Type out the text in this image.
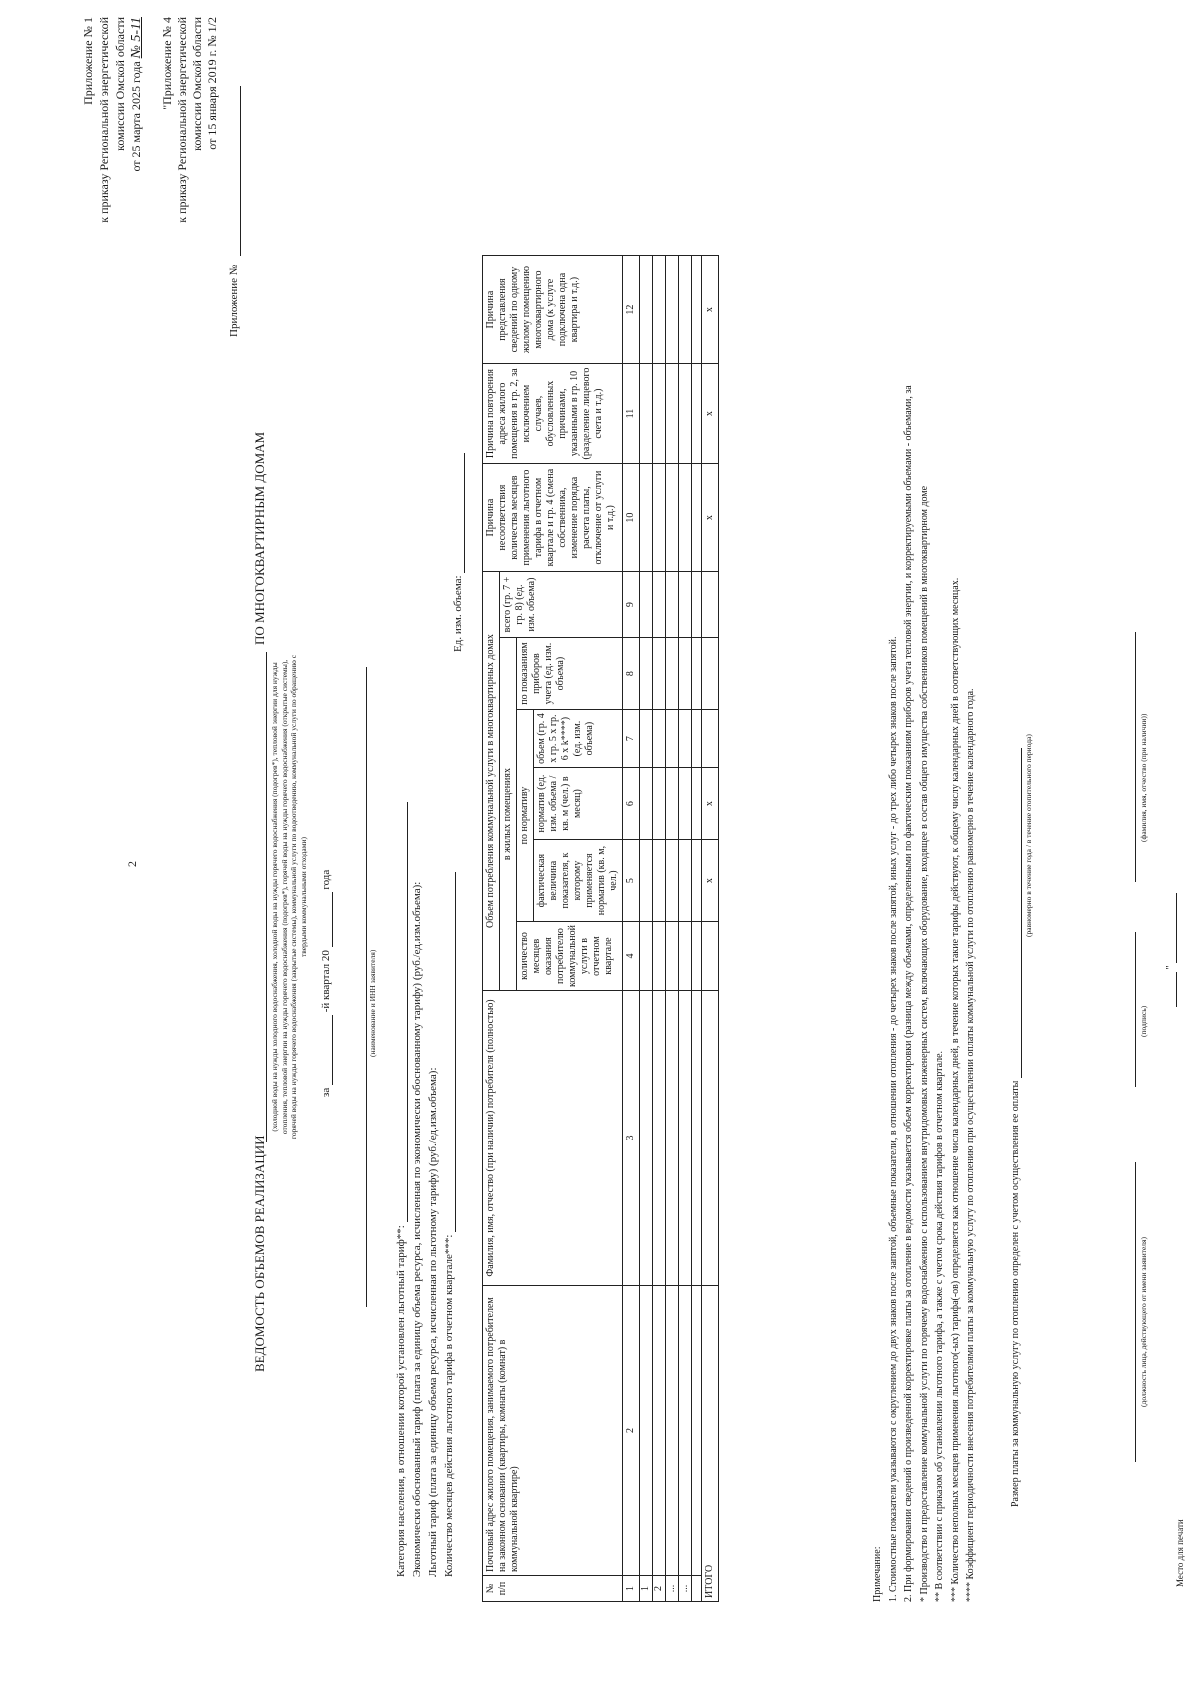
2
Приложение № 1 к приказу Региональной энергетической комиссии Омской области от 25 марта 2025 года № 5-11 "Приложение № 4 к приказу Региональной энергетической комиссии Омской области от 15 января 2019 г. № 1/2
Приложение №
ВЕДОМОСТЬ ОБЪЕМОВ РЕАЛИЗАЦИИ
ПО МНОГОКВАРТИРНЫМ ДОМАМ
(холодной воды на нужды холодного водоснабжения, холодной воды на нужды горячего водоснабжения (подогрев*), тепловой энергии для нужды отопления, тепловой энергии на нужды горячего водоснабжения (подогрев*), горячей воды на нужды горячего водоснабжения (открытые системы), горячей воды на нужды горячего водоснабжения (закрытые системы), коммунальной услуги по водоотведению, коммунальной услуги по обращению с твердыми коммунальными отходами)
за   -й квартал 20   года
(наименование и ИНН заявителя)
Категория населения, в отношении которой установлен льготный тариф**: Экономически обоснованный тариф (плата за единицу объема ресурса, исчисленная по экономически обоснованному тарифу) (руб./ед.изм.объема): Льготный тариф (плата за единицу объема ресурса, исчисленная по льготному тарифу) (руб./ед.изм.объема): Количество месяцев действия льготного тарифа в отчетном квартале***:
Ед. изм. объема:
№ п/п	Почтовый адрес жилого помещения, занимаемого потребителем на законном основании (квартиры, комнаты (комнат) в коммунальной квартире)	Фамилия, имя, отчество (при наличии) потребителя (полностью)	Объем потребления коммунальной услуги в многоквартирных домах						Причина несоответствия количества месяцев применения льготного тарифа в отчетном квартале и гр. 4 (смена собственника, изменение порядка расчета платы, отключение от услуги и т.д.)	Причина повторения адреса жилого помещения в гр. 2, за исключением случаев, обусловленных причинами, указанными в гр. 10 (разделение лицевого счета и т.д.)	Причина представления сведений по одному жилому помещению многоквартирного дома (к услуге подключена одна квартира и т.д.)
			в жилых помещениях					всего (гр. 7 + гр. 8) (ед. изм. объема)			
			количество месяцев оказания потребителю коммунальной услуги в отчетном квартале	по нормативу			по показаниям приборов учета (ед. изм. объема)				
				фактическая величина показателя, к которому применяется норматив (кв. м, чел.)	норматив (ед. изм. объема / кв. м (чел.) в месяц)	объем (гр. 4 x гр. 5 x гр. 6 x k****) (ед. изм. объема)					
1	2	3	4	5	6	7	8	9	10	11	12
1											
2											
...											
...											

ИТОГО				x	x				x	x	x
Примечание: 1. Стоимостные показатели указываются с округлением до двух знаков после запятой, объемные показатели, в отношении отопления - до четырех знаков после запятой, иных услуг - до трех либо четырех знаков после запятой. 2. При формировании сведений о произведенной корректировке платы за отопление в ведомости указывается объем корректировки (разница между объемами, определенными по фактическим показаниям приборов учета тепловой энергии, и корректируемыми объемами - объемами, за * Производство и предоставление коммунальной услуги по горячему водоснабжению с использованием внутридомовых инженерных систем, включающих оборудование, входящее в состав общего имущества собственников помещений в многоквартирном доме ** В соответствии с приказом об установлении льготного тарифа, а также с учетом срока действия тарифов в отчетном квартале. *** Количество неполных месяцев применения льготного(-ых) тарифа(-ов) определяется как отношение числа календарных дней, в течение которых такие тарифы действуют, к общему числу календарных дней в соответствующих месяцах. **** Коэффициент периодичности внесения потребителями платы за коммунальную услугу по отоплению при осуществлении оплаты коммунальной услуги по отоплению равномерно в течение календарного года.	Размер платы за коммунальную услугу по отоплению определен с учетом осуществления ее оплаты
(равномерно в течение года / в течение отопительного периода)
(должность лица, действующего от имени заявителя)
(подпись)
(фамилия, имя, отчество (при наличии))
"
Место для печати
